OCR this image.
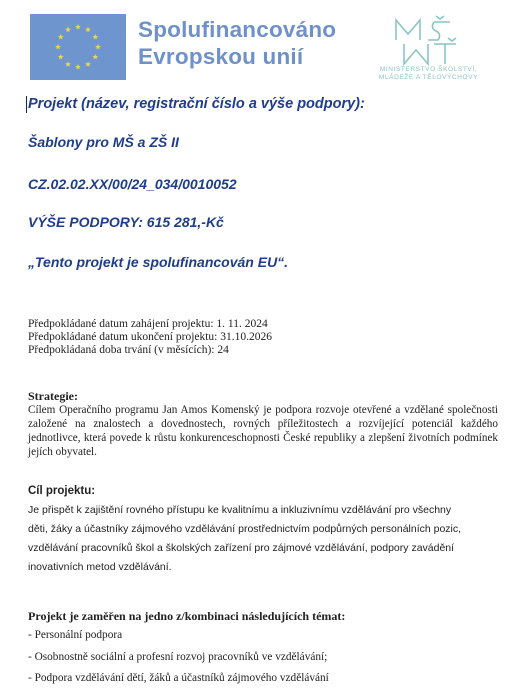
Spolufinancováno
Evropskou unií
MINISTERSTVO ŠKOLSTVÍ,
MLÁDEŽE A TĚLOVÝCHOVY
Projekt (název, registrační číslo a výše podpory):
Šablony pro MŠ a ZŠ II
CZ.02.02.XX/00/24_034/0010052
VÝŠE PODPORY: 615 281,-Kč
„Tento projekt je spolufinancován EU“.
Předpokládané datum zahájení projektu: 1. 11. 2024
Předpokládané datum ukončení projektu: 31.10.2026
Předpokládaná doba trvání (v měsících): 24
Strategie:
Cílem Operačního programu Jan Amos Komenský je podpora rozvoje otevřené a vzdělané společnosti založené na znalostech a dovednostech, rovných příležitostech a rozvíjející potenciál každého jednotlivce, která povede k růstu konkurenceschopnosti České republiky a zlepšení životních podmínek jejích obyvatel.
Cíl projektu:
Je přispět k zajištění rovného přístupu ke kvalitnímu a inkluzivnímu vzdělávání pro všechny
děti, žáky a účastníky zájmového vzdělávání prostřednictvím podpůrných personálních pozic,
vzdělávání pracovníků škol a školských zařízení pro zájmové vzdělávání, podpory zavádění
inovativních metod vzdělávání.
Projekt je zaměřen na jedno z/kombinaci následujících témat:
- Personální podpora
- Osobnostně sociální a profesní rozvoj pracovníků ve vzdělávání;
- Podpora vzdělávání dětí, žáků a účastníků zájmového vzdělávání
